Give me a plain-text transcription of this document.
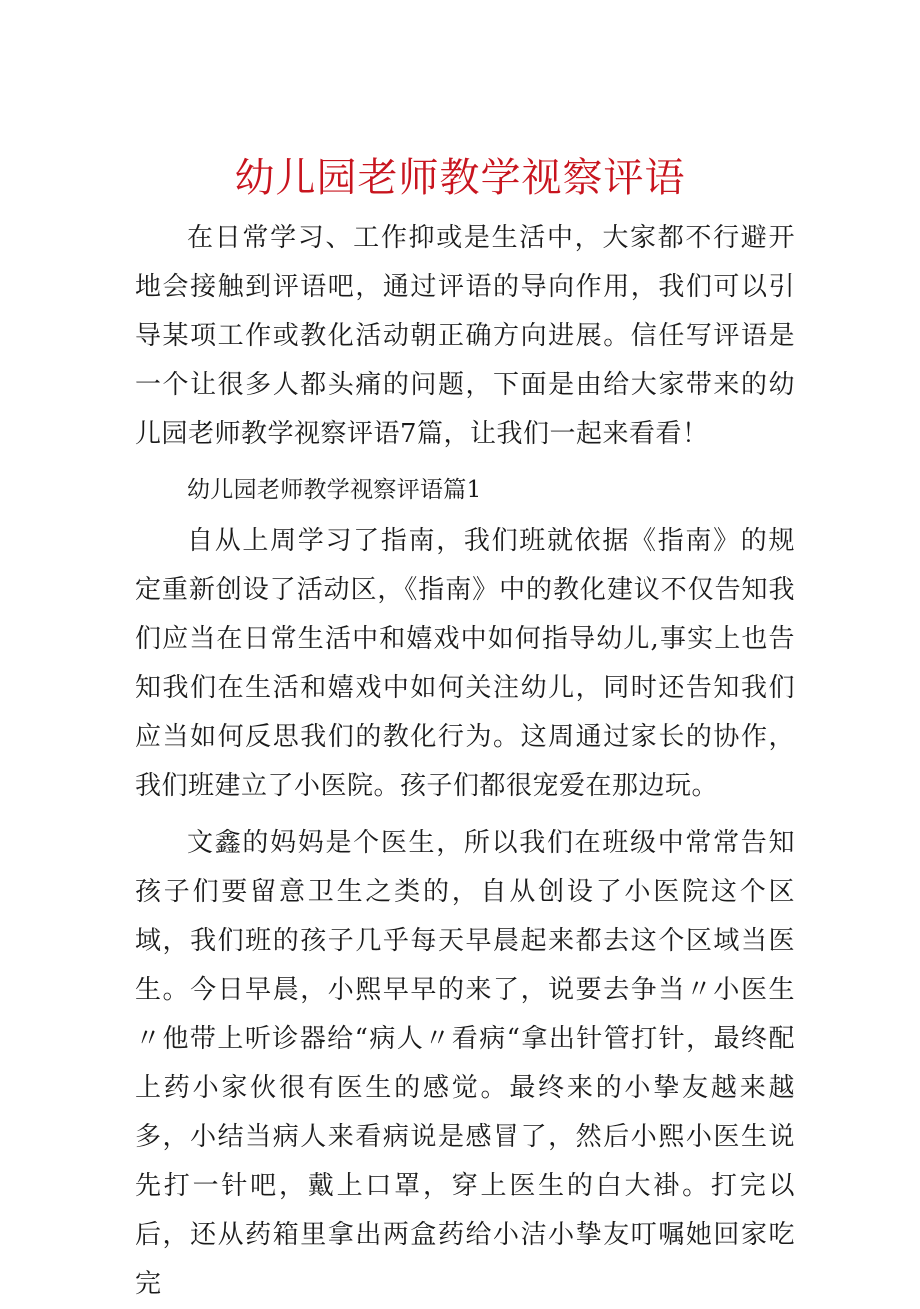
幼儿园老师教学视察评语

在日常学习、工作抑或是生活中，大家都不行避开地会接触到评语吧，通过评语的导向作用，我们可以引导某项工作或教化活动朝正确方向进展。信任写评语是一个让很多人都头痛的问题，下面是由给大家带来的幼儿园老师教学视察评语7篇，让我们一起来看看！

幼儿园老师教学视察评语篇1

自从上周学习了指南，我们班就依据《指南》的规定重新创设了活动区，《指南》中的教化建议不仅告知我们应当在日常生活中和嬉戏中如何指导幼儿,事实上也告知我们在生活和嬉戏中如何关注幼儿，同时还告知我们应当如何反思我们的教化行为。这周通过家长的协作，我们班建立了小医院。孩子们都很宠爱在那边玩。

文鑫的妈妈是个医生，所以我们在班级中常常告知孩子们要留意卫生之类的，自从创设了小医院这个区域，我们班的孩子几乎每天早晨起来都去这个区域当医生。今日早晨，小熙早早的来了，说要去争当〃小医生〃他带上听诊器给“病人〃看病“拿出针管打针，最终配上药小家伙很有医生的感觉。最终来的小挚友越来越多，小结当病人来看病说是感冒了，然后小熙小医生说先打一针吧，戴上口罩，穿上医生的白大褂。打完以后，还从药箱里拿出两盒药给小洁小挚友叮嘱她回家吃完
